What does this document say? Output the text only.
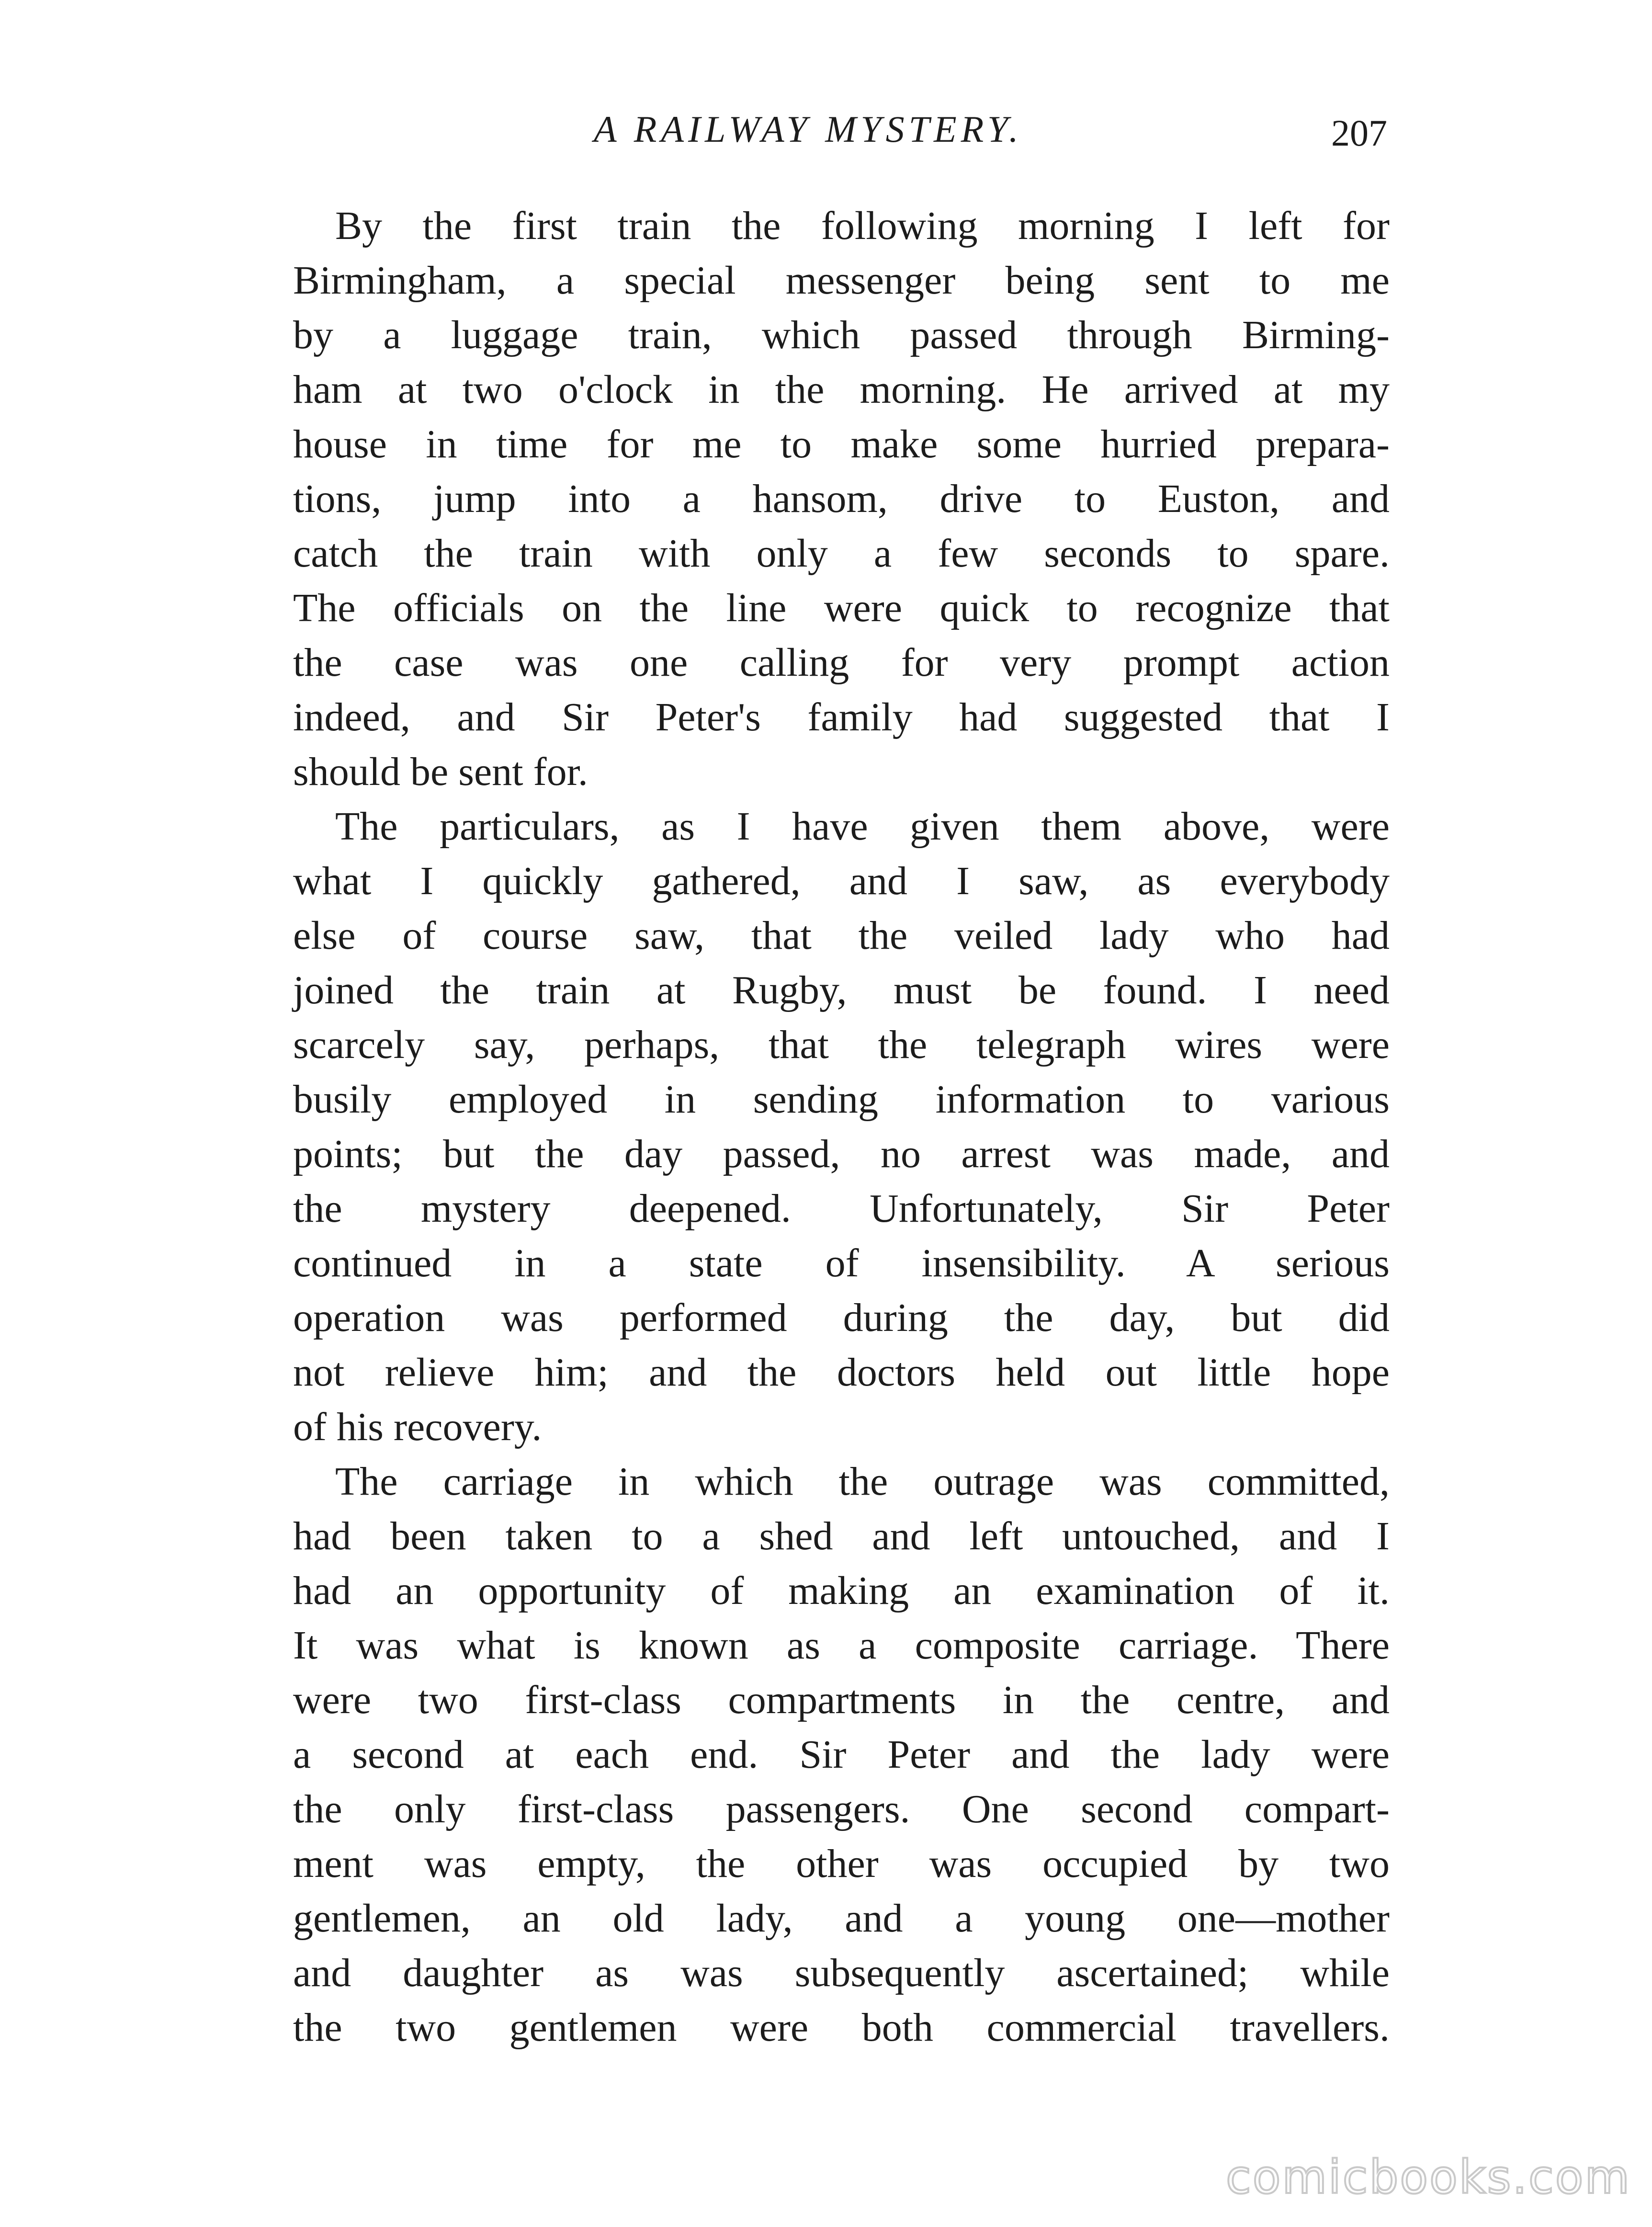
A RAILWAY MYSTERY.	207
By the first train the following morning I left for
Birmingham, a special messenger being sent to me
by a luggage train, which passed through Birming-
ham at two o'clock in the morning. He arrived at my
house in time for me to make some hurried prepara-
tions, jump into a hansom, drive to Euston, and
catch the train with only a few seconds to spare.
The officials on the line were quick to recognize that
the case was one calling for very prompt action
indeed, and Sir Peter's family had suggested that I
should be sent for.
The particulars, as I have given them above, were
what I quickly gathered, and I saw, as everybody
else of course saw, that the veiled lady who had
joined the train at Rugby, must be found. I need
scarcely say, perhaps, that the telegraph wires were
busily employed in sending information to various
points; but the day passed, no arrest was made, and
the mystery deepened. Unfortunately, Sir Peter
continued in a state of insensibility. A serious
operation was performed during the day, but did
not relieve him; and the doctors held out little hope
of his recovery.
The carriage in which the outrage was committed,
had been taken to a shed and left untouched, and I
had an opportunity of making an examination of it.
It was what is known as a composite carriage. There
were two first-class compartments in the centre, and
a second at each end. Sir Peter and the lady were
the only first-class passengers. One second compart-
ment was empty, the other was occupied by two
gentlemen, an old lady, and a young one—mother
and daughter as was subsequently ascertained; while
the two gentlemen were both commercial travellers.
comicbooks.com
